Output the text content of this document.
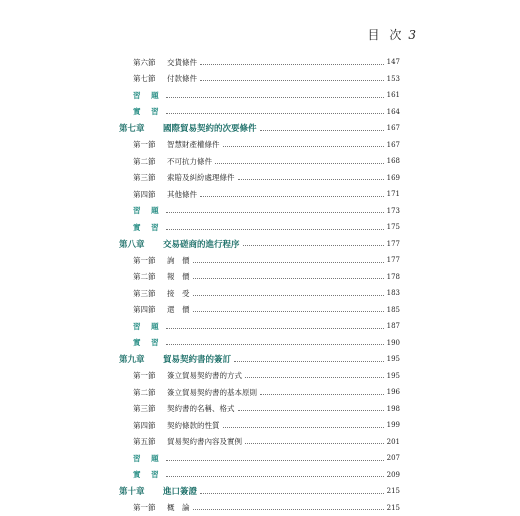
目 次 3
第六節 交貨條件	147
第七節 付款條件	153
習 題	161
實 習	164
第七章 國際貿易契約的次要條件	167
第一節 智慧財產權條件	167
第二節 不可抗力條件	168
第三節 索賠及糾紛處理條件	169
第四節 其他條件	171
習 題	173
實 習	175
第八章 交易磋商的進行程序	177
第一節 詢　價	177
第二節 報　價	178
第三節 接　受	183
第四節 還　價	185
習 題	187
實 習	190
第九章 貿易契約書的簽訂	195
第一節 簽立貿易契約書的方式	195
第二節 簽立貿易契約書的基本原則	196
第三節 契約書的名稱、格式	198
第四節 契約條款的性質	199
第五節 貿易契約書內容及實例	201
習 題	207
實 習	209
第十章 進口簽證	215
第一節 概　論	215
